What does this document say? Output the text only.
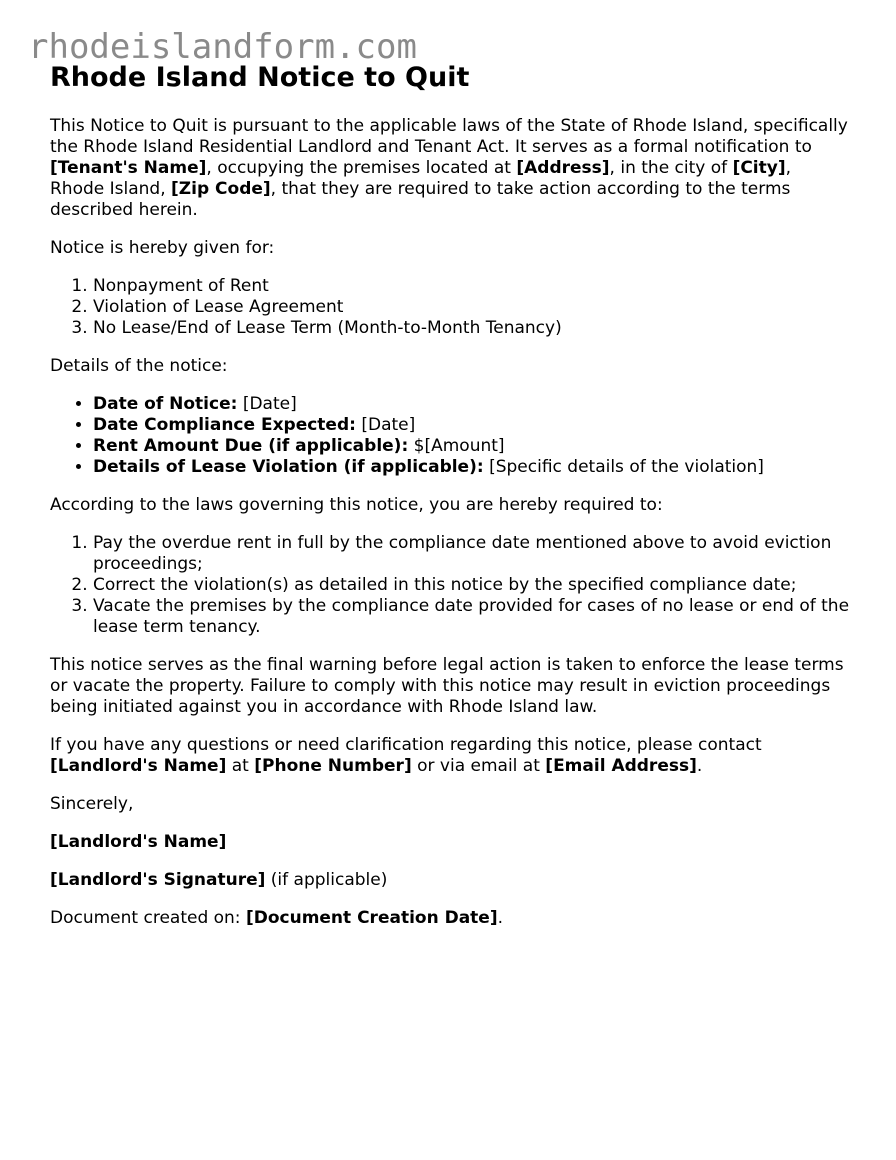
rhodeislandform.com
Rhode Island Notice to Quit

This Notice to Quit is pursuant to the applicable laws of the State of Rhode Island, specifically the Rhode Island Residential Landlord and Tenant Act. It serves as a formal notification to [Tenant's Name], occupying the premises located at [Address], in the city of [City], Rhode Island, [Zip Code], that they are required to take action according to the terms described herein.

Notice is hereby given for:

1. Nonpayment of Rent
2. Violation of Lease Agreement
3. No Lease/End of Lease Term (Month-to-Month Tenancy)

Details of the notice:

• Date of Notice: [Date]
• Date Compliance Expected: [Date]
• Rent Amount Due (if applicable): $[Amount]
• Details of Lease Violation (if applicable): [Specific details of the violation]

According to the laws governing this notice, you are hereby required to:

1. Pay the overdue rent in full by the compliance date mentioned above to avoid eviction proceedings;
2. Correct the violation(s) as detailed in this notice by the specified compliance date;
3. Vacate the premises by the compliance date provided for cases of no lease or end of the lease term tenancy.

This notice serves as the final warning before legal action is taken to enforce the lease terms or vacate the property. Failure to comply with this notice may result in eviction proceedings being initiated against you in accordance with Rhode Island law.

If you have any questions or need clarification regarding this notice, please contact [Landlord's Name] at [Phone Number] or via email at [Email Address].

Sincerely,

[Landlord's Name]

[Landlord's Signature] (if applicable)

Document created on: [Document Creation Date].
